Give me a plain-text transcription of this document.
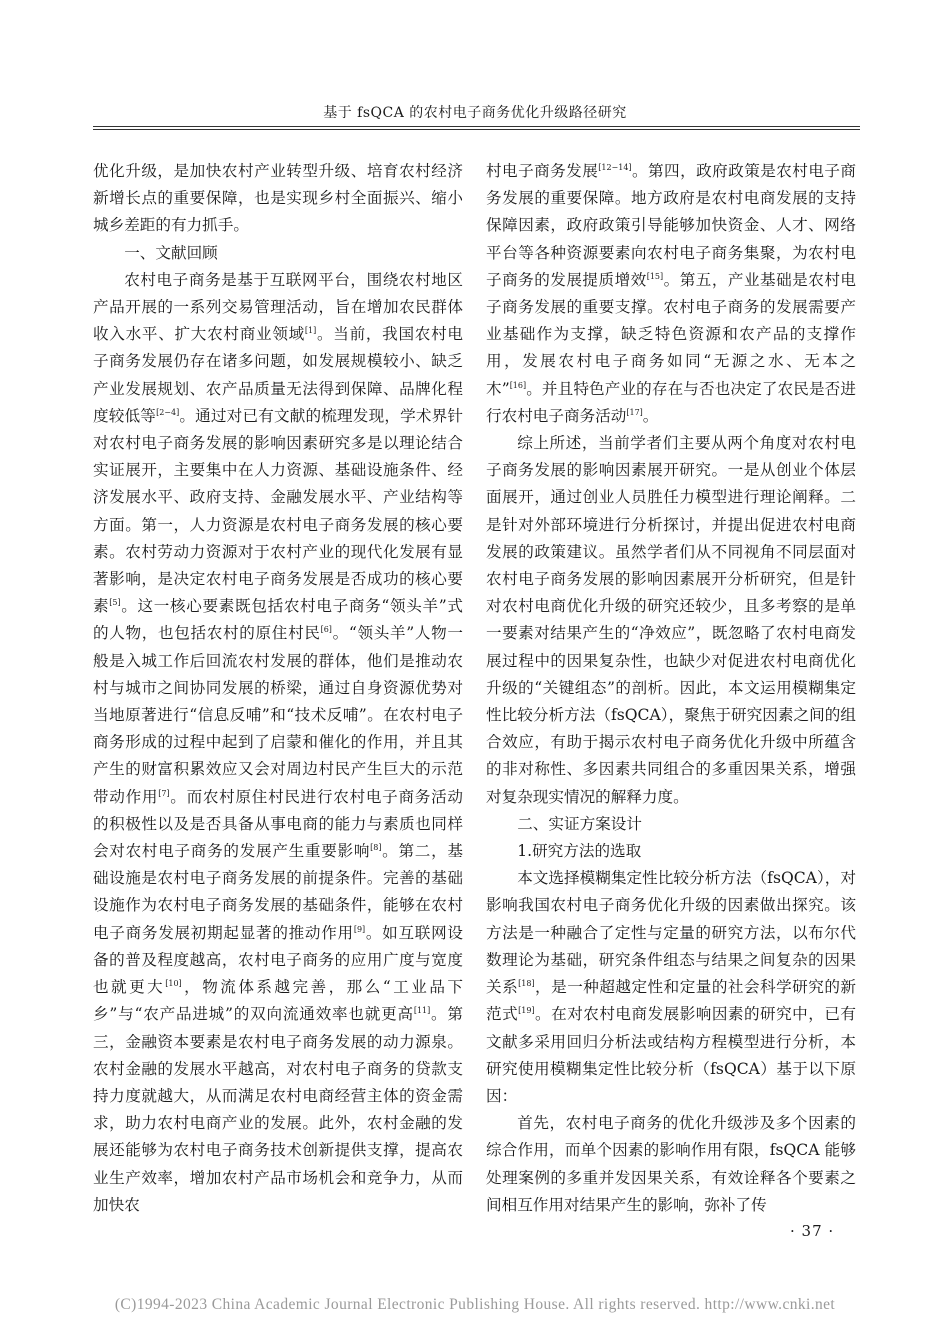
基于 fsQCA 的农村电子商务优化升级路径研究

优化升级，是加快农村产业转型升级、培育农村经济新增长点的重要保障，也是实现乡村全面振兴、缩小城乡差距的有力抓手。

一、文献回顾

农村电子商务是基于互联网平台，围绕农村地区产品开展的一系列交易管理活动，旨在增加农民群体收入水平、扩大农村商业领域[1]。当前，我国农村电子商务发展仍存在诸多问题，如发展规模较小、缺乏产业发展规划、农产品质量无法得到保障、品牌化程度较低等[2−4]。通过对已有文献的梳理发现，学术界针对农村电子商务发展的影响因素研究多是以理论结合实证展开，主要集中在人力资源、基础设施条件、经济发展水平、政府支持、金融发展水平、产业结构等方面。第一，人力资源是农村电子商务发展的核心要素。农村劳动力资源对于农村产业的现代化发展有显著影响，是决定农村电子商务发展是否成功的核心要素[5]。这一核心要素既包括农村电子商务“领头羊”式的人物，也包括农村的原住村民[6]。“领头羊”人物一般是入城工作后回流农村发展的群体，他们是推动农村与城市之间协同发展的桥梁，通过自身资源优势对当地原著进行“信息反哺”和“技术反哺”。在农村电子商务形成的过程中起到了启蒙和催化的作用，并且其产生的财富积累效应又会对周边村民产生巨大的示范带动作用[7]。而农村原住村民进行农村电子商务活动的积极性以及是否具备从事电商的能力与素质也同样会对农村电子商务的发展产生重要影响[8]。第二，基础设施是农村电子商务发展的前提条件。完善的基础设施作为农村电子商务发展的基础条件，能够在农村电子商务发展初期起显著的推动作用[9]。如互联网设备的普及程度越高，农村电子商务的应用广度与宽度也就更大[10]，物流体系越完善，那么“工业品下乡”与“农产品进城”的双向流通效率也就更高[11]。第三，金融资本要素是农村电子商务发展的动力源泉。农村金融的发展水平越高，对农村电子商务的贷款支持力度就越大，从而满足农村电商经营主体的资金需求，助力农村电商产业的发展。此外，农村金融的发展还能够为农村电子商务技术创新提供支撑，提高农业生产效率，增加农村产品市场机会和竞争力，从而加快农

村电子商务发展[12−14]。第四，政府政策是农村电子商务发展的重要保障。地方政府是农村电商发展的支持保障因素，政府政策引导能够加快资金、人才、网络平台等各种资源要素向农村电子商务集聚，为农村电子商务的发展提质增效[15]。第五，产业基础是农村电子商务发展的重要支撑。农村电子商务的发展需要产业基础作为支撑，缺乏特色资源和农产品的支撑作用，发展农村电子商务如同“无源之水、无本之木”[16]。并且特色产业的存在与否也决定了农民是否进行农村电子商务活动[17]。

综上所述，当前学者们主要从两个角度对农村电子商务发展的影响因素展开研究。一是从创业个体层面展开，通过创业人员胜任力模型进行理论阐释。二是针对外部环境进行分析探讨，并提出促进农村电商发展的政策建议。虽然学者们从不同视角不同层面对农村电子商务发展的影响因素展开分析研究，但是针对农村电商优化升级的研究还较少，且多考察的是单一要素对结果产生的“净效应”，既忽略了农村电商发展过程中的因果复杂性，也缺少对促进农村电商优化升级的“关键组态”的剖析。因此，本文运用模糊集定性比较分析方法（fsQCA），聚焦于研究因素之间的组合效应，有助于揭示农村电子商务优化升级中所蕴含的非对称性、多因素共同组合的多重因果关系，增强对复杂现实情况的解释力度。

二、实证方案设计

1.研究方法的选取

本文选择模糊集定性比较分析方法（fsQCA），对影响我国农村电子商务优化升级的因素做出探究。该方法是一种融合了定性与定量的研究方法，以布尔代数理论为基础，研究条件组态与结果之间复杂的因果关系[18]，是一种超越定性和定量的社会科学研究的新范式[19]。在对农村电商发展影响因素的研究中，已有文献多采用回归分析法或结构方程模型进行分析，本研究使用模糊集定性比较分析（fsQCA）基于以下原因：

首先，农村电子商务的优化升级涉及多个因素的综合作用，而单个因素的影响作用有限，fsQCA 能够处理案例的多重并发因果关系，有效诠释各个要素之间相互作用对结果产生的影响，弥补了传

· 37 ·
(C)1994-2023 China Academic Journal Electronic Publishing House. All rights reserved. http://www.cnki.net
